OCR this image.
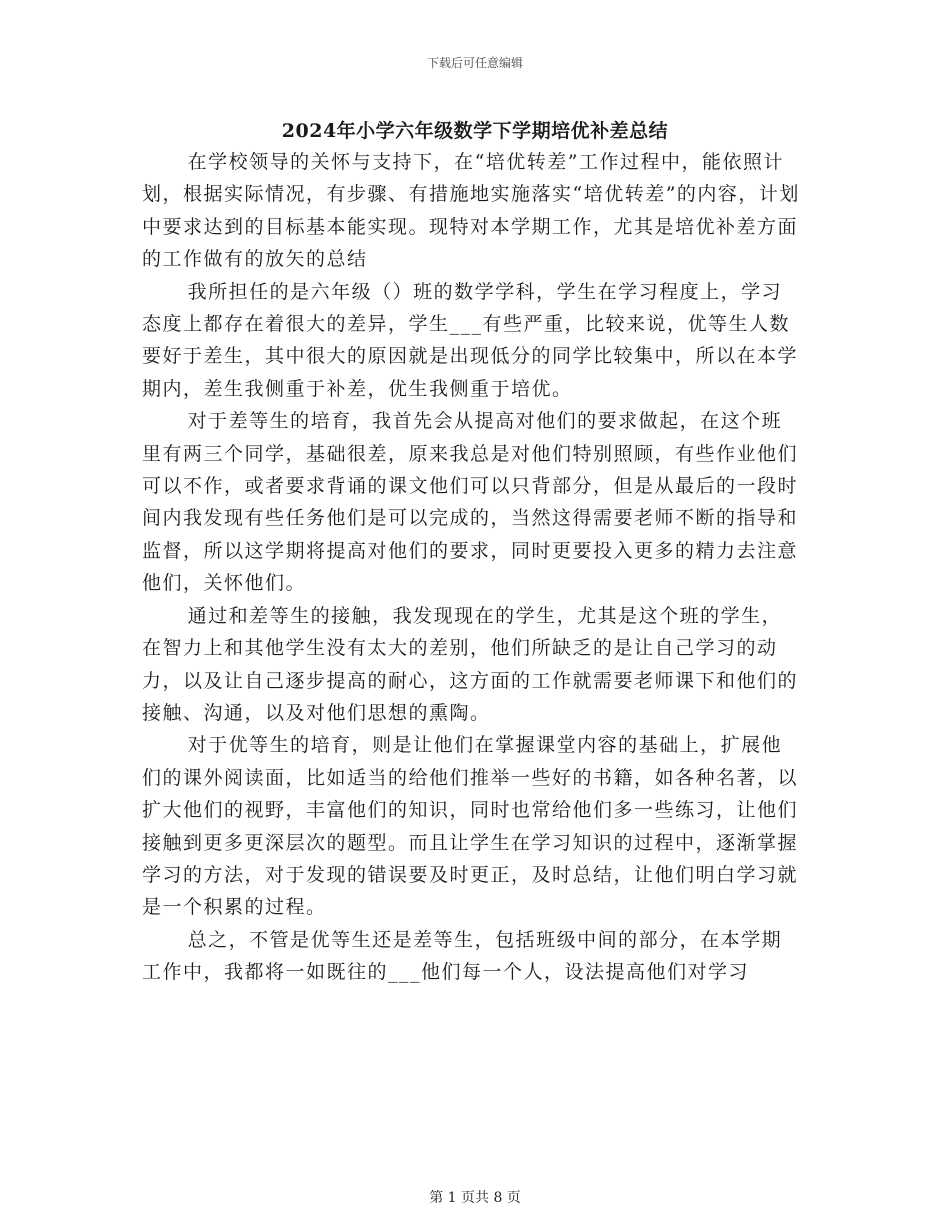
下载后可任意编辑
2024年小学六年级数学下学期培优补差总结

在学校领导的关怀与支持下，在“培优转差”工作过程中，能依照计划，根据实际情况，有步骤、有措施地实施落实“培优转差”的内容，计划中要求达到的目标基本能实现。现特对本学期工作，尤其是培优补差方面的工作做有的放矢的总结

我所担任的是六年级（）班的数学学科，学生在学习程度上，学习态度上都存在着很大的差异，学生___有些严重，比较来说，优等生人数要好于差生，其中很大的原因就是出现低分的同学比较集中，所以在本学期内，差生我侧重于补差，优生我侧重于培优。

对于差等生的培育，我首先会从提高对他们的要求做起，在这个班里有两三个同学，基础很差，原来我总是对他们特别照顾，有些作业他们可以不作，或者要求背诵的课文他们可以只背部分，但是从最后的一段时间内我发现有些任务他们是可以完成的，当然这得需要老师不断的指导和监督，所以这学期将提高对他们的要求，同时更要投入更多的精力去注意他们，关怀他们。

通过和差等生的接触，我发现现在的学生，尤其是这个班的学生，在智力上和其他学生没有太大的差别，他们所缺乏的是让自己学习的动力，以及让自己逐步提高的耐心，这方面的工作就需要老师课下和他们的接触、沟通，以及对他们思想的熏陶。

对于优等生的培育，则是让他们在掌握课堂内容的基础上，扩展他们的课外阅读面，比如适当的给他们推举一些好的书籍，如各种名著，以扩大他们的视野，丰富他们的知识，同时也常给他们多一些练习，让他们接触到更多更深层次的题型。而且让学生在学习知识的过程中，逐渐掌握学习的方法，对于发现的错误要及时更正，及时总结，让他们明白学习就是一个积累的过程。

总之，不管是优等生还是差等生，包括班级中间的部分，在本学期工作中，我都将一如既往的___他们每一个人，设法提高他们对学习

第 1 页共 8 页
